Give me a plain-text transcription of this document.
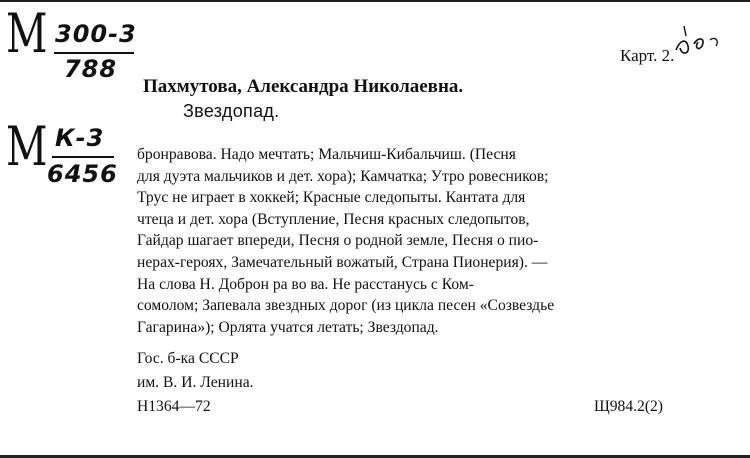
М 300-3
788
М К-3
6456
Карт. 2.
Пахмутова, Александра Николаевна.
Звездопад.
бронравова. Надо мечтать; Мальчиш-Кибальчиш. (Песня
для дуэта мальчиков и дет. хора); Камчатка; Утро ровесников;
Трус не играет в хоккей; Красные следопыты. Кантата для
чтеца и дет. хора (Вступление, Песня красных следопытов,
Гайдар шагает впереди, Песня о родной земле, Песня о пио-
нерах-героях, Замечательный вожатый, Страна Пионерия). —
На слова Н. Доброн ра во ва. Не расстанусь с Ком-
сомолом; Запевала звездных дорог (из цикла песен «Созвездье
Гагарина»); Орлята учатся летать; Звездопад.
Гос. б-ка СССР
им. В. И. Ленина.
Н1364—72	Щ984.2(2)
